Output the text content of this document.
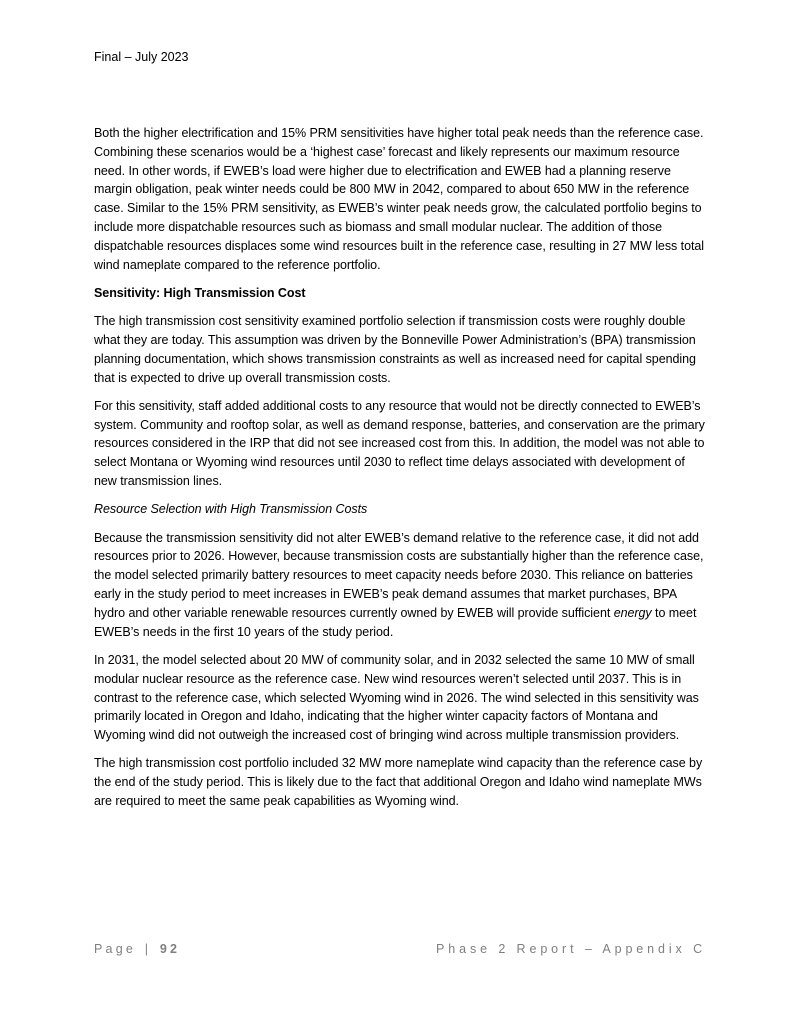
Final – July 2023

Both the higher electrification and 15% PRM sensitivities have higher total peak needs than the reference case. Combining these scenarios would be a ‘highest case’ forecast and likely represents our maximum resource need. In other words, if EWEB’s load were higher due to electrification and EWEB had a planning reserve margin obligation, peak winter needs could be 800 MW in 2042, compared to about 650 MW in the reference case. Similar to the 15% PRM sensitivity, as EWEB’s winter peak needs grow, the calculated portfolio begins to include more dispatchable resources such as biomass and small modular nuclear. The addition of those dispatchable resources displaces some wind resources built in the reference case, resulting in 27 MW less total wind nameplate compared to the reference portfolio.

Sensitivity: High Transmission Cost

The high transmission cost sensitivity examined portfolio selection if transmission costs were roughly double what they are today. This assumption was driven by the Bonneville Power Administration’s (BPA) transmission planning documentation, which shows transmission constraints as well as increased need for capital spending that is expected to drive up overall transmission costs.

For this sensitivity, staff added additional costs to any resource that would not be directly connected to EWEB’s system. Community and rooftop solar, as well as demand response, batteries, and conservation are the primary resources considered in the IRP that did not see increased cost from this. In addition, the model was not able to select Montana or Wyoming wind resources until 2030 to reflect time delays associated with development of new transmission lines.

Resource Selection with High Transmission Costs

Because the transmission sensitivity did not alter EWEB’s demand relative to the reference case, it did not add resources prior to 2026. However, because transmission costs are substantially higher than the reference case, the model selected primarily battery resources to meet capacity needs before 2030. This reliance on batteries early in the study period to meet increases in EWEB’s peak demand assumes that market purchases, BPA hydro and other variable renewable resources currently owned by EWEB will provide sufficient energy to meet EWEB’s needs in the first 10 years of the study period.

In 2031, the model selected about 20 MW of community solar, and in 2032 selected the same 10 MW of small modular nuclear resource as the reference case. New wind resources weren’t selected until 2037. This is in contrast to the reference case, which selected Wyoming wind in 2026. The wind selected in this sensitivity was primarily located in Oregon and Idaho, indicating that the higher winter capacity factors of Montana and Wyoming wind did not outweigh the increased cost of bringing wind across multiple transmission providers.

The high transmission cost portfolio included 32 MW more nameplate wind capacity than the reference case by the end of the study period. This is likely due to the fact that additional Oregon and Idaho wind nameplate MWs are required to meet the same peak capabilities as Wyoming wind.

Page | 92	Phase 2 Report – Appendix C
